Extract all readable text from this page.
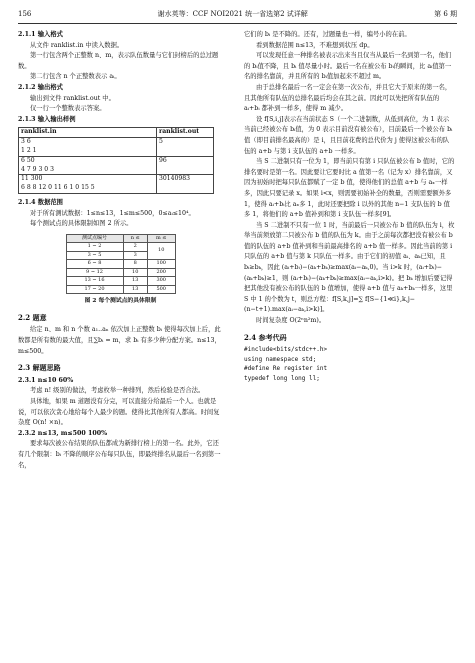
156	谢水英等：CCF NOI2021 统一省选第2 试详解	第 6 期

2.1.1 输入格式

从文件 ranklist.in 中读入数据。

第一行包含两个正整数 n、m，表示队伍数量与它们封榜后的总过题数。

第二行包含 n 个正整数表示 aᵢ。

2.1.2 输出格式

输出到文件 ranklist.out 中。

仅一行一个整数表示答案。

2.1.3 输入输出样例

ranklist.in	ranklist.out

3 6
1 2 1	5

6 50
4 7 9 3 0 3	96

11 300
6 8 8 12 0 11 6 1 0 15 5	30140983

2.1.4 数据范围

对于所有测试数据：1≤n≤13，1≤m≤500，0≤aᵢ≤10⁴。

每个测试点的具体限制如图 2 所示。

测试点编号	n ≤	m ≤
1 ~ 2	2	10
3 ~ 5	3	
6 ~ 8	8	100
9 ~ 12	10	200
13 ~ 16	13	300
17 ~ 20	13	500

图 2 每个测试点的具体限制

2.2 题意

给定 n、m 和 n 个数 a₁..aₙ 依次加上正整数 bᵢ 使得每次加上后，此数都是所有数的最大值，且∑bᵢ = m，求 bᵢ 有多少种分配方案。n≤13，m≤500。

2.3 解题思路

2.3.1 n≤10 60%

考虑 n! 级别的做法，考虑枚举一种排列，然后检验是否合法。

具体地，如果 m 道题没有分完，可以直接分给最后一个人。也就是说，可以依次贪心地给每个人最少的题。使得比其他所有人都高。时间复杂度 O(n! ×n)。

2.3.2 n≤13, m≤500 100%

要求每次被公布结果的队伍都成为新排行榜上的第一名。此外，它还有几个限制：bᵢ 不降的顺序公布每只队伍，即最终排名从最后一名到第一名，

它们的 bᵢ 是不降的。还有，过题量也一样，编号小的在前。

看到数据范围 n≤13，不难想到状压 dp。

可以发现任意一种排名被表示出来当且仅当从最后一名到第一名，他们的 bᵢ值不降，且 bᵢ 值尽量小时。最后一名在被公布 bᵢ的瞬间，比 aᵢ值第一名的排名靠前，并且所有的 bᵢ值加起来不超过 m。

由于总排名最后一名一定会在第一次公布，并且它大于原来的第一名，且其他所有队伍的总排名最后均会在其之前。因此可以先把所有队伍的 aᵢ+bᵢ 都补到一样多，使得 m 减少。

设 f[S,i,j]表示在当前状态 S（一个二进制数，从低到高位，为 1 表示当前已经被公布 bᵢ值，为 0 表示目前没有被公布），目前最后一个被公布 bᵢ 值（即目前排名最高的）是 i，且目前花费的总代价为 j 使得这被公布的队伍的 a+b 与第 i 支队伍的 a+b 一样多。

当 S 二进制只有一位为 1，即当前只有第 i 只队伍被公布 b 值时，它的排名要时是第一名。因此要让它要时比 a 值第一名（记为 x）排名靠前，又因为初始时把每只队伍都赋了一定 b 值，使得他们的总值 a+b 与 aₓ一样多，因此只要记录 x。如果 i<x，则需要初始补全的数量，否则需要额外多 1，使得 aᵢ+bᵢ比 aₓ多 1，此时还要把除 i 以外的其他 n−1 支队伍的 b 值多 1，将他们的 a+b 值补到和第 i 支队伍一样多[9]。

当 S 二进制不只有一位 1 时，当前最后一只被公布 b 值的队伍为 i，枚举当前须放第二只被公布 b 值的队伍为 k。由于之前每次都把没有被公布 b 值的队伍的 a+b 值补到和当前最高排名的 a+b 值一样多。因此当前的第 i 只队伍的 a+b 值与第 k 只队伍一样多。由于它们的初值 aᵢ、aₖ已知，且 bᵢ≥bₖ，因此 (aᵢ+bᵢ)−(aₖ+bₖ)≥max(aᵢ−aₖ,0)。当 i>k 时，(aᵢ+bᵢ)−(aₖ+bₖ)≥1，则 (aᵢ+bᵢ)−(aₖ+bₖ)≥max(aᵢ−aₖ,i>k)。把 bₖ 增加后要记得把其他没有被公布的队伍的 b 值增加，使得 a+b 值与 aₖ+bₖ一样多，这里 S 中 1 的个数为 t，则总方程：f[S,k,j]=∑ f[S−{1≪i},k,j−(n−t+1).max(aᵢ−aₖ,i>k)]。

时间复杂度 O(2ⁿn²m)。

2.4 参考代码

#include<bits/stdc++.h>

using namespace std;

#define Re register int

typedef long long ll;
